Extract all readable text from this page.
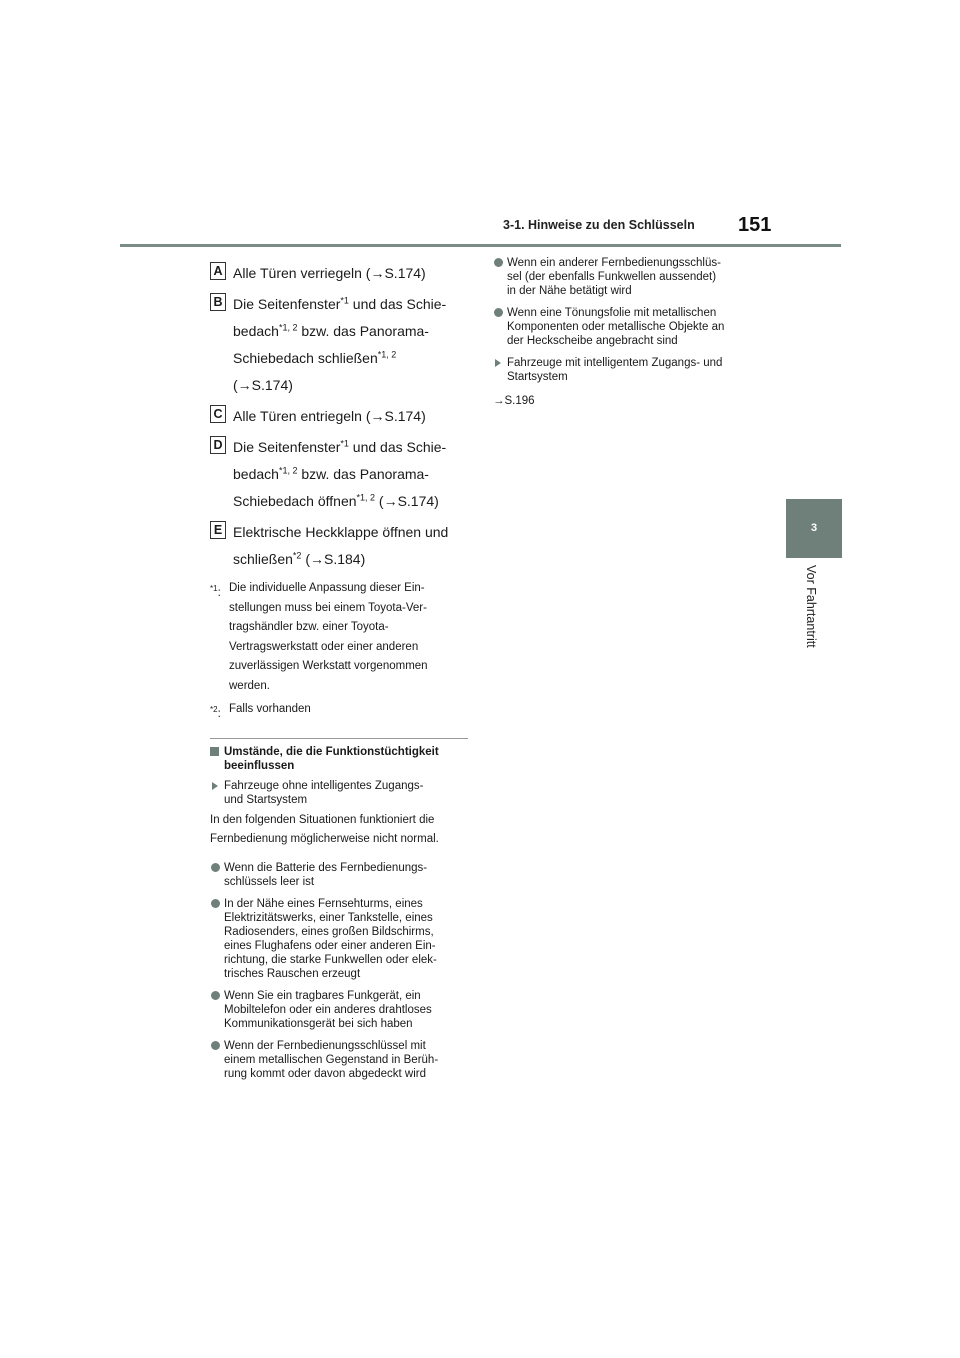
3-1. Hinweise zu den Schlüsseln 151
3
Vor Fahrtantritt
A Alle Türen verriegeln (→S.174)
B Die Seitenfenster$^{*1}$ und das Schie-
bedach$^{*1, 2}$ bzw. das Panorama-
Schiebedach schließen$^{*1, 2}$
(→S.174)
C Alle Türen entriegeln (→S.174)
D Die Seitenfenster$^{*1}$ und das Schie-
bedach$^{*1, 2}$ bzw. das Panorama-
Schiebedach öffnen$^{*1, 2}$ (→S.174)
E Elektrische Heckklappe öffnen und
schließen$^{*2}$ (→S.184)
$^{*1}$: Die individuelle Anpassung dieser Ein-
stellungen muss bei einem Toyota-Ver-
tragshändler bzw. einer Toyota-
Vertragswerkstatt oder einer anderen
zuverlässigen Werkstatt vorgenommen
werden.
$^{*2}$: Falls vorhanden
Umstände, die die Funktionstüchtigkeit
beeinflussen
Fahrzeuge ohne intelligentes Zugangs-
und Startsystem
In den folgenden Situationen funktioniert die
Fernbedienung möglicherweise nicht normal.
Wenn die Batterie des Fernbedienungs-
schlüssels leer ist
In der Nähe eines Fernsehturms, eines
Elektrizitätswerks, einer Tankstelle, eines
Radiosenders, eines großen Bildschirms,
eines Flughafens oder einer anderen Ein-
richtung, die starke Funkwellen oder elek-
trisches Rauschen erzeugt
Wenn Sie ein tragbares Funkgerät, ein
Mobiltelefon oder ein anderes drahtloses
Kommunikationsgerät bei sich haben
Wenn der Fernbedienungsschlüssel mit
einem metallischen Gegenstand in Berüh-
rung kommt oder davon abgedeckt wird
Wenn ein anderer Fernbedienungsschlüs-
sel (der ebenfalls Funkwellen aussendet)
in der Nähe betätigt wird
Wenn eine Tönungsfolie mit metallischen
Komponenten oder metallische Objekte an
der Heckscheibe angebracht sind
Fahrzeuge mit intelligentem Zugangs- und
Startsystem
→S.196
